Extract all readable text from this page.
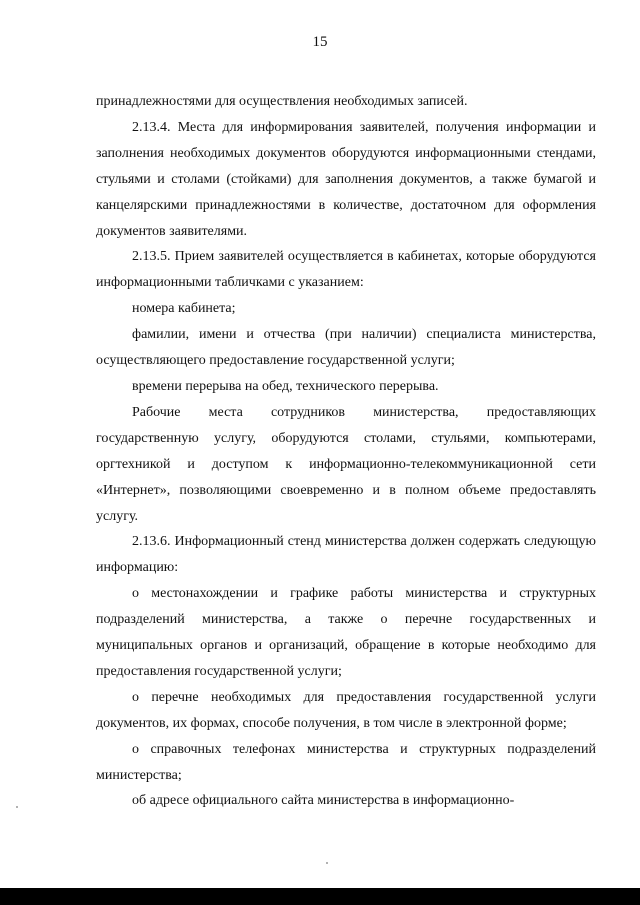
15

принадлежностями для осуществления необходимых записей.

2.13.4. Места для информирования заявителей, получения информации и заполнения необходимых документов оборудуются информационными стендами, стульями и столами (стойками) для заполнения документов, а также бумагой и канцелярскими принадлежностями в количестве, достаточном для оформления документов заявителями.

2.13.5. Прием заявителей осуществляется в кабинетах, которые оборудуются информационными табличками с указанием:

номера кабинета;

фамилии, имени и отчества (при наличии) специалиста министерства, осуществляющего предоставление государственной услуги;

времени перерыва на обед, технического перерыва.

Рабочие места сотрудников министерства, предоставляющих государственную услугу, оборудуются столами, стульями, компьютерами, оргтехникой и доступом к информационно-телекоммуникационной сети «Интернет», позволяющими своевременно и в полном объеме предоставлять услугу.

2.13.6. Информационный стенд министерства должен содержать следующую информацию:

о местонахождении и графике работы министерства и структурных подразделений министерства, а также о перечне государственных и муниципальных органов и организаций, обращение в которые необходимо для предоставления государственной услуги;

о перечне необходимых для предоставления государственной услуги документов, их формах, способе получения, в том числе в электронной форме;

о справочных телефонах министерства и структурных подразделений министерства;

об адресе официального сайта министерства в информационно-
